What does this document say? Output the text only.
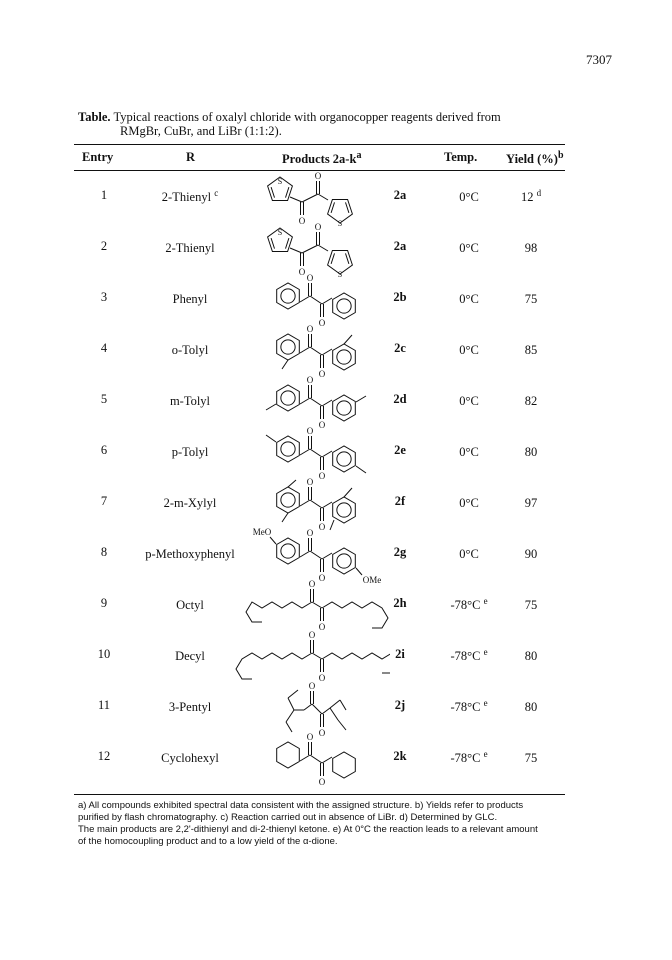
7307
Table. Typical reactions of oxalyl chloride with organocopper reagents derived from
RMgBr, CuBr, and LiBr (1:1:2).
Entry	R	Products $2a-k^a$	Temp. Yield (%)$^b$
1	2-Thienyl $^c$	2a	0°C	12 $^d$
S
O
O	S
2	2-Thienyl	2a	0°C	98
S
O
O	S
3	Phenyl	2b	0°C	75
O
O
4	o-Tolyl	2c	0°C	85
O
O
5	m-Tolyl	2d	0°C	82
O
O
6	p-Tolyl	2e	0°C	80
O
O
7	2-m-Xylyl	2f	0°C	97
O
O
8	p-Methoxyphenyl	2g	0°C	90
O
O
MeO
OMe
9	Octyl	2h	-78°C $^e$	75
O
O
10	Decyl	2i	-78°C $^e$	80
O
O
11	3-Pentyl	2j	-78°C $^e$	80
O
O
12	Cyclohexyl	2k	-78°C $^e$	75
O
O
a) All compounds exhibited spectral data consistent with the assigned structure. b) Yields refer to products
purified by flash chromatography. c) Reaction carried out in absence of LiBr. d) Determined by GLC.
The main products are 2,2'-dithienyl and di-2-thienyl ketone. e) At 0°C the reaction leads to a relevant amount
of the homocoupling product and to a low yield of the α-dione.
